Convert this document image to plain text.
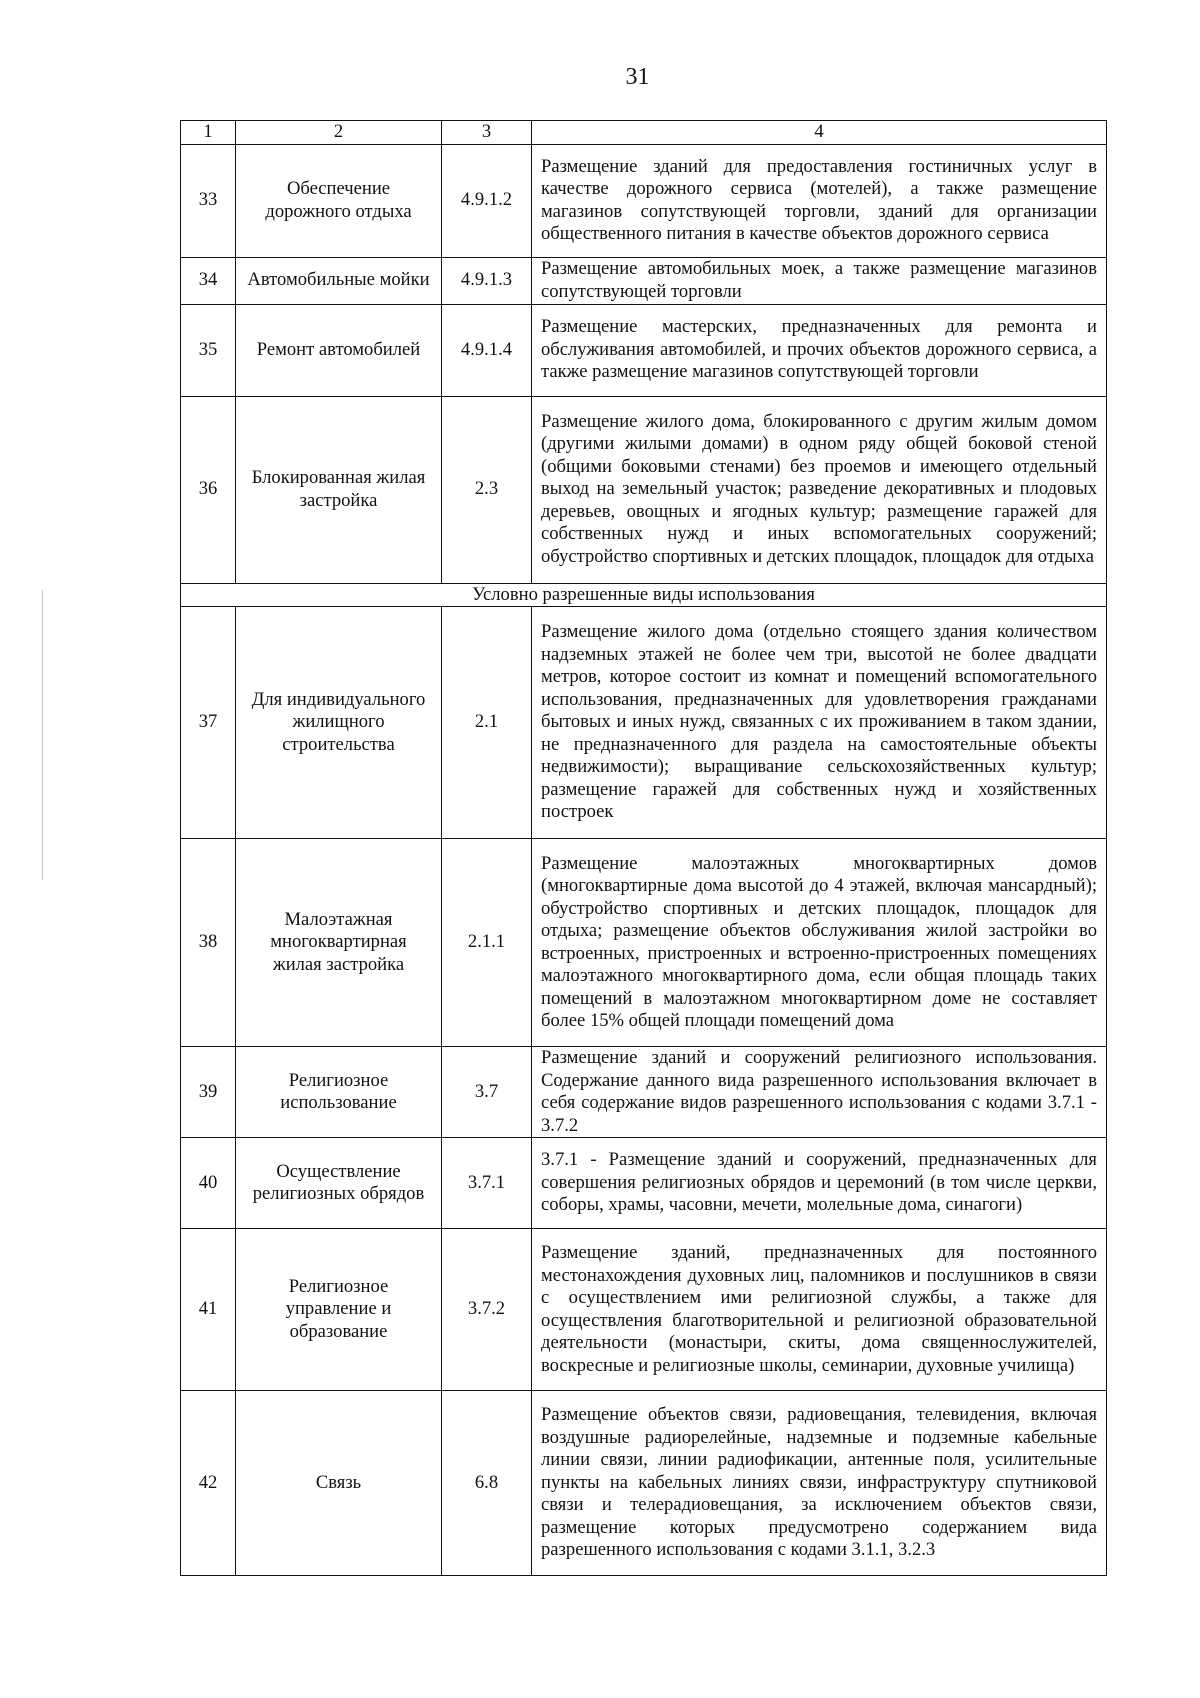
31
1	2	3	4
33	Обеспечение дорожного отдыха	4.9.1.2	Размещение зданий для предоставления гостиничных услуг в качестве дорожного сервиса (мотелей), а также размещение магазинов сопутствующей торговли, зданий для организации общественного питания в качестве объектов дорожного сервиса
34	Автомобильные мойки	4.9.1.3	Размещение автомобильных моек, а также размещение магазинов сопутствующей торговли
35	Ремонт автомобилей	4.9.1.4	Размещение мастерских, предназначенных для ремонта и обслуживания автомобилей, и прочих объектов дорожного сервиса, а также размещение магазинов сопутствующей торговли
36	Блокированная жилая застройка	2.3	Размещение жилого дома, блокированного с другим жилым домом (другими жилыми домами) в одном ряду общей боковой стеной (общими боковыми стенами) без проемов и имеющего отдельный выход на земельный участок; разведение декоративных и плодовых деревьев, овощных и ягодных культур; размещение гаражей для собственных нужд и иных вспомогательных сооружений; обустройство спортивных и детских площадок, площадок для отдыха
Условно разрешенные виды использования			
37	Для индивидуального жилищного строительства	2.1	Размещение жилого дома (отдельно стоящего здания количеством надземных этажей не более чем три, высотой не более двадцати метров, которое состоит из комнат и помещений вспомогательного использования, предназначенных для удовлетворения гражданами бытовых и иных нужд, связанных с их проживанием в таком здании, не предназначенного для раздела на самостоятельные объекты недвижимости); выращивание сельскохозяйственных культур; размещение гаражей для собственных нужд и хозяйственных построек
38	Малоэтажная многоквартирная жилая застройка	2.1.1	Размещение малоэтажных многоквартирных домов (многоквартирные дома высотой до 4 этажей, включая мансардный); обустройство спортивных и детских площадок, площадок для отдыха; размещение объектов обслуживания жилой застройки во встроенных, пристроенных и встроенно-пристроенных помещениях малоэтажного многоквартирного дома, если общая площадь таких помещений в малоэтажном многоквартирном доме не составляет более 15% общей площади помещений дома
39	Религиозное использование	3.7	Размещение зданий и сооружений религиозного использования. Содержание данного вида разрешенного использования включает в себя содержание видов разрешенного использования с кодами 3.7.1 - 3.7.2
40	Осуществление религиозных обрядов	3.7.1	3.7.1 - Размещение зданий и сооружений, предназначенных для совершения религиозных обрядов и церемоний (в том числе церкви, соборы, храмы, часовни, мечети, молельные дома, синагоги)
41	Религиозное управление и образование	3.7.2	Размещение зданий, предназначенных для постоянного местонахождения духовных лиц, паломников и послушников в связи с осуществлением ими религиозной службы, а также для осуществления благотворительной и религиозной образовательной деятельности (монастыри, скиты, дома священнослужителей, воскресные и религиозные школы, семинарии, духовные училища)
42	Связь	6.8	Размещение объектов связи, радиовещания, телевидения, включая воздушные радиорелейные, надземные и подземные кабельные линии связи, линии радиофикации, антенные поля, усилительные пункты на кабельных линиях связи, инфраструктуру спутниковой связи и телерадиовещания, за исключением объектов связи, размещение которых предусмотрено содержанием вида разрешенного использования с кодами 3.1.1, 3.2.3
